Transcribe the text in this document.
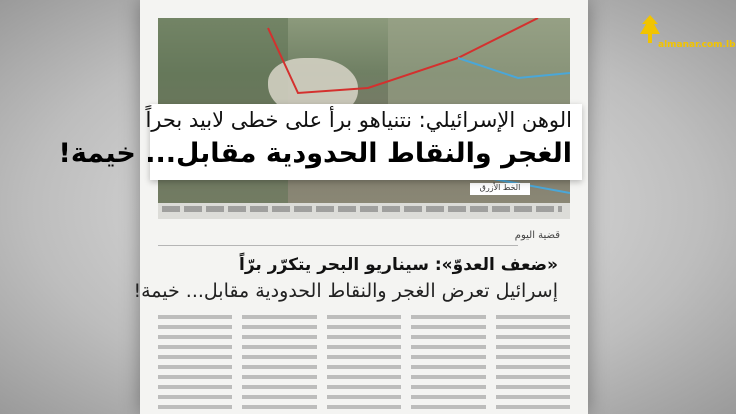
الخط الأزرق
الوهن الإسرائيلي: نتنياهو برأ على خطى لابيد بحراً
الغجر والنقاط الحدودية مقابل... خيمة!
قضية اليوم
«ضعف العدوّ»: سيناريو البحر يتكرّر برّاً
إسرائيل تعرض الغجر والنقاط الحدودية مقابل... خيمة!
almanar.com.lb
